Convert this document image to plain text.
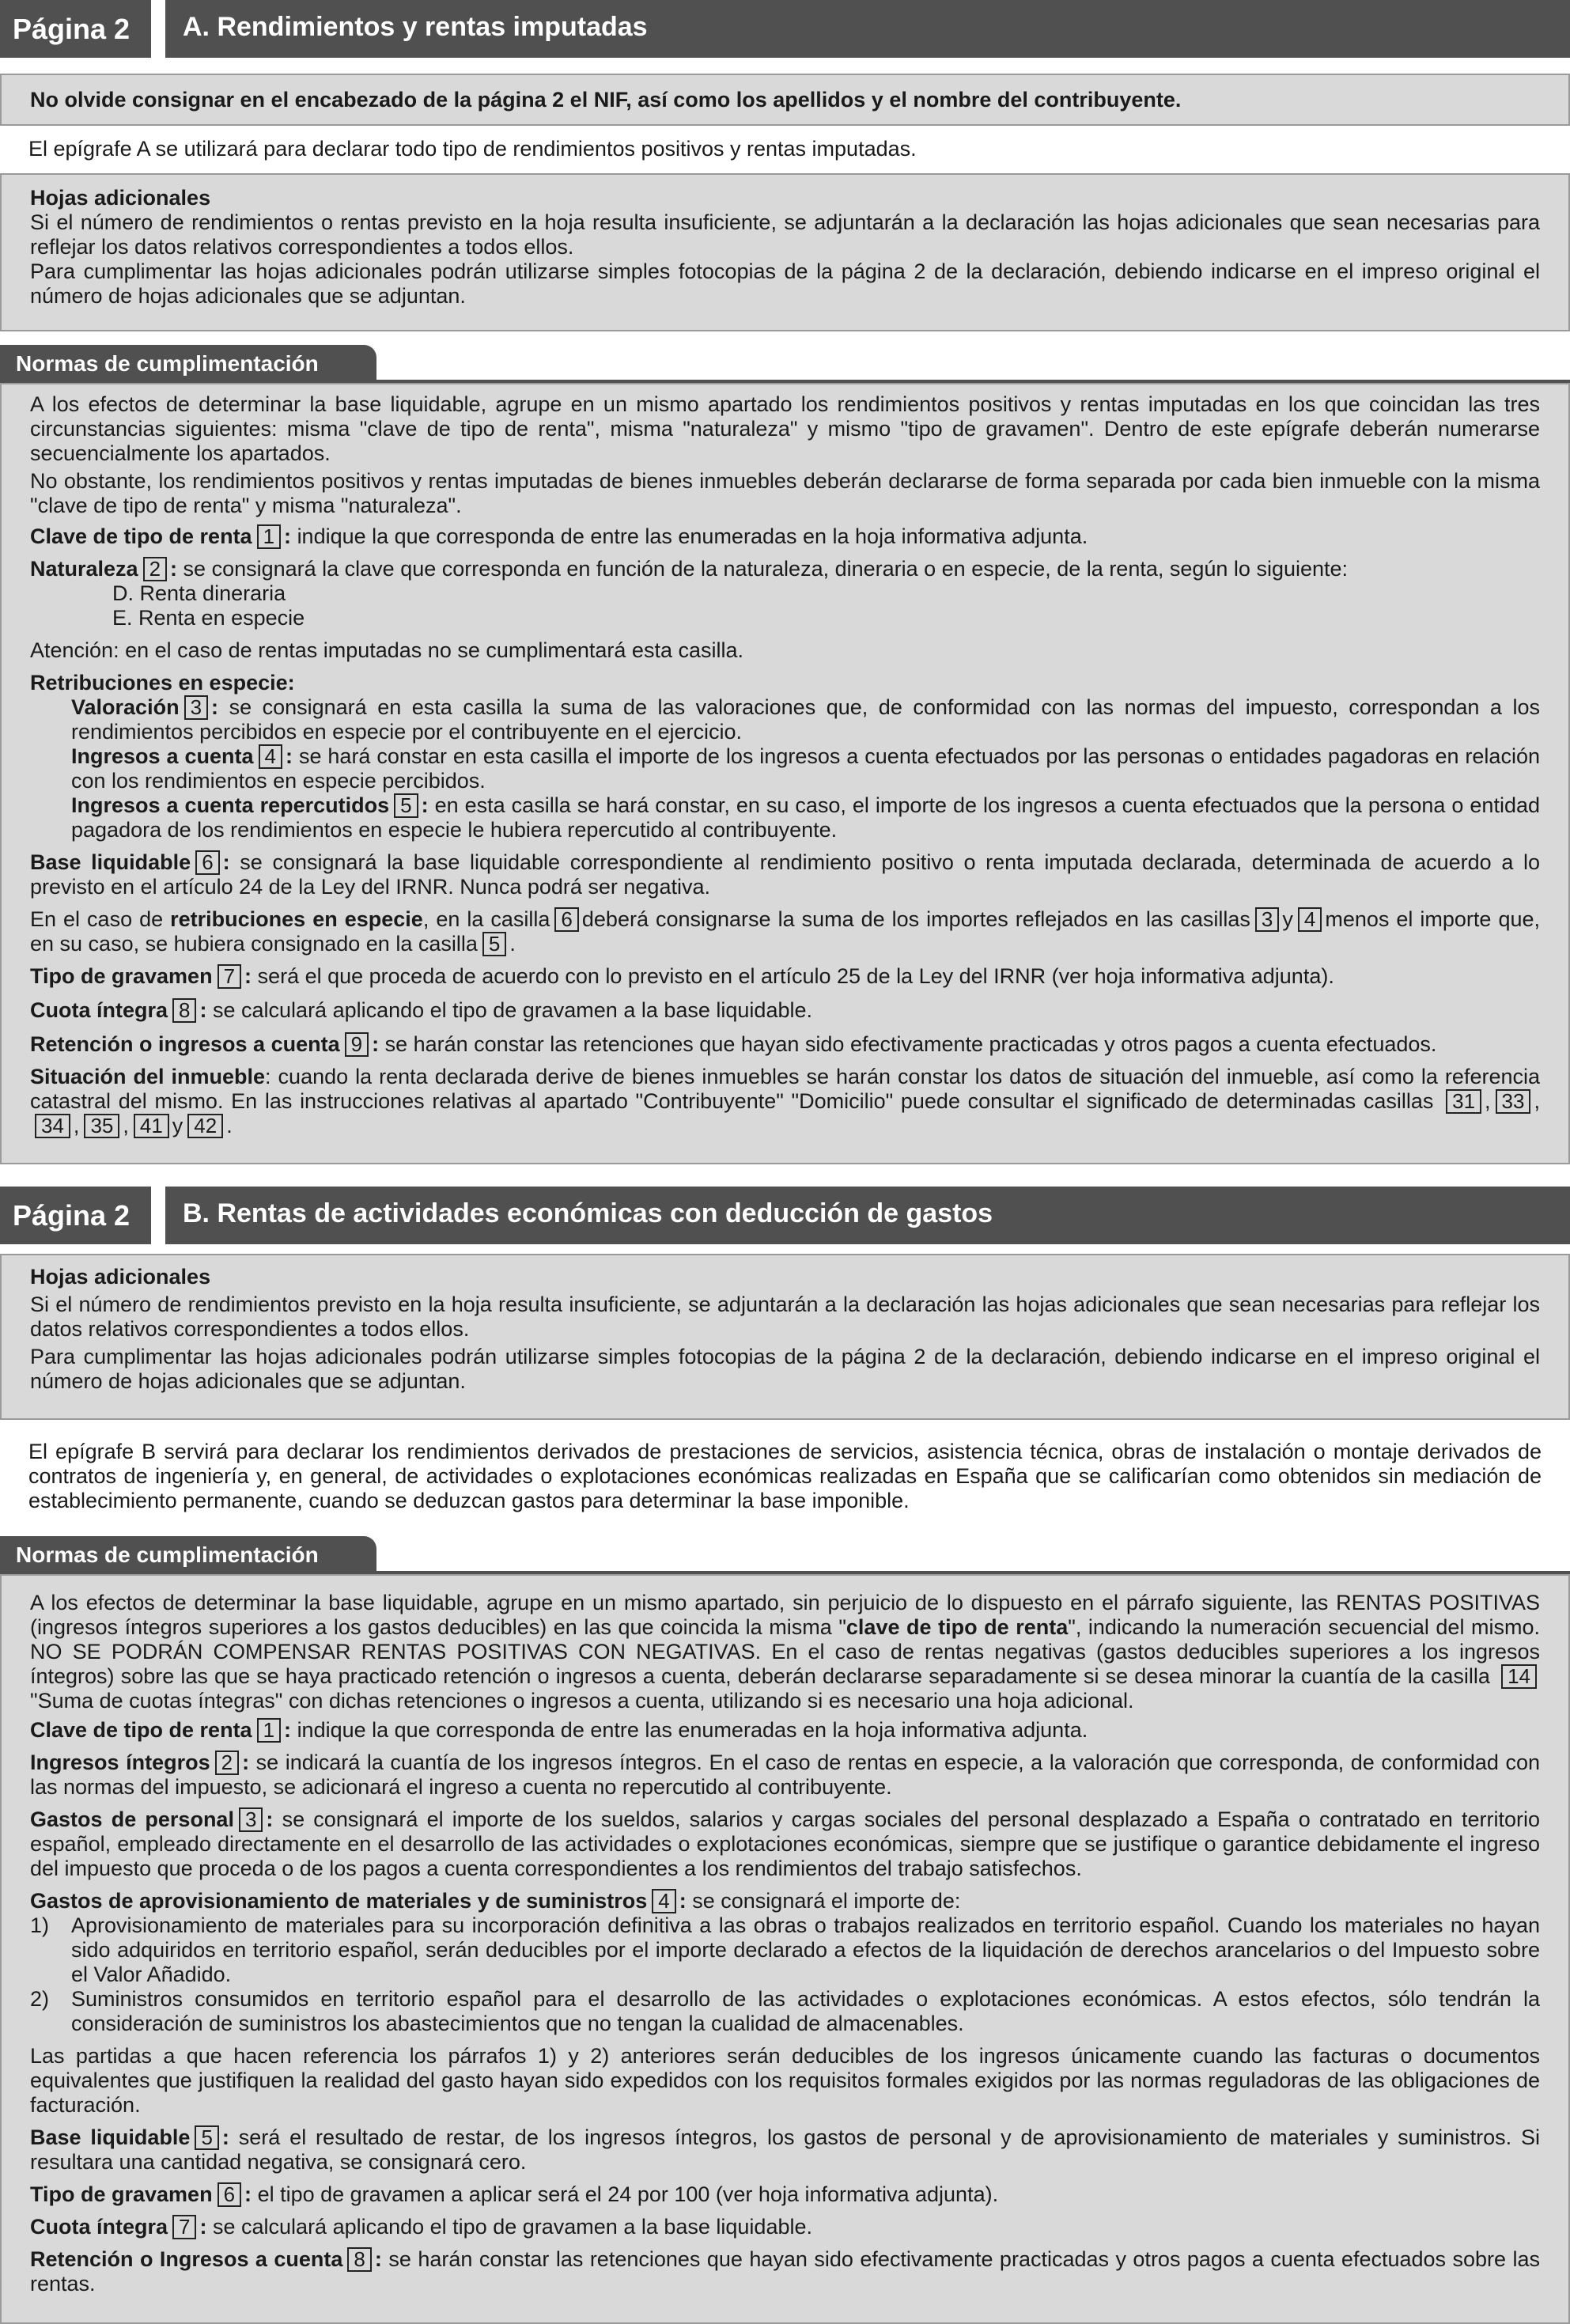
Página 2	A. Rendimientos y rentas imputadas

No olvide consignar en el encabezado de la página 2 el NIF, así como los apellidos y el nombre del contribuyente.

El epígrafe A se utilizará para declarar todo tipo de rendimientos positivos y rentas imputadas.

Hojas adicionales

Si el número de rendimientos o rentas previsto en la hoja resulta insuficiente, se adjuntarán a la declaración las hojas adicionales que sean necesarias para reflejar los datos relativos correspondientes a todos ellos.

Para cumplimentar las hojas adicionales podrán utilizarse simples fotocopias de la página 2 de la declaración, debiendo indicarse en el impreso original el número de hojas adicionales que se adjuntan.

Normas de cumplimentación

A los efectos de determinar la base liquidable, agrupe en un mismo apartado los rendimientos positivos y rentas imputadas en los que coincidan las tres circunstancias siguientes: misma "clave de tipo de renta", misma "naturaleza" y mismo "tipo de gravamen". Dentro de este epígrafe deberán numerarse secuencialmente los apartados.

No obstante, los rendimientos positivos y rentas imputadas de bienes inmuebles deberán declararse de forma separada por cada bien inmueble con la misma "clave de tipo de renta" y misma "naturaleza".

Clave de tipo de renta 1 : indique la que corresponda de entre las enumeradas en la hoja informativa adjunta.

Naturaleza 2 : se consignará la clave que corresponda en función de la naturaleza, dineraria o en especie, de la renta, según lo siguiente:

D. Renta dineraria
E. Renta en especie

Atención: en el caso de rentas imputadas no se cumplimentará esta casilla.

Retribuciones en especie:

Valoración 3 : se consignará en esta casilla la suma de las valoraciones que, de conformidad con las normas del impuesto, correspondan a los rendimientos percibidos en especie por el contribuyente en el ejercicio.

Ingresos a cuenta 4 : se hará constar en esta casilla el importe de los ingresos a cuenta efectuados por las personas o entidades pagadoras en relación con los rendimientos en especie percibidos.

Ingresos a cuenta repercutidos 5 : en esta casilla se hará constar, en su caso, el importe de los ingresos a cuenta efectuados que la persona o entidad pagadora de los rendimientos en especie le hubiera repercutido al contribuyente.

Base liquidable 6 : se consignará la base liquidable correspondiente al rendimiento positivo o renta imputada declarada, determinada de acuerdo a lo previsto en el artículo 24 de la Ley del IRNR. Nunca podrá ser negativa.

En el caso de retribuciones en especie, en la casilla 6 deberá consignarse la suma de los importes reflejados en las casillas 3 y 4 menos el importe que, en su caso, se hubiera consignado en la casilla 5 .

Tipo de gravamen 7 : será el que proceda de acuerdo con lo previsto en el artículo 25 de la Ley del IRNR (ver hoja informativa adjunta).

Cuota íntegra 8 : se calculará aplicando el tipo de gravamen a la base liquidable.

Retención o ingresos a cuenta 9 : se harán constar las retenciones que hayan sido efectivamente practicadas y otros pagos a cuenta efectuados.

Situación del inmueble: cuando la renta declarada derive de bienes inmuebles se harán constar los datos de situación del inmueble, así como la referencia catastral del mismo. En las instrucciones relativas al apartado "Contribuyente" "Domicilio" puede consultar el significado de determinadas casillas 31 , 33 ,34 , 35 , 41 y 42 .

Página 2	B. Rentas de actividades económicas con deducción de gastos
Hojas adicionales

Si el número de rendimientos previsto en la hoja resulta insuficiente, se adjuntarán a la declaración las hojas adicionales que sean necesarias para reflejar los datos relativos correspondientes a todos ellos.

Para cumplimentar las hojas adicionales podrán utilizarse simples fotocopias de la página 2 de la declaración, debiendo indicarse en el impreso original el número de hojas adicionales que se adjuntan.

El epígrafe B servirá para declarar los rendimientos derivados de prestaciones de servicios, asistencia técnica, obras de instalación o montaje derivados de contratos de ingeniería y, en general, de actividades o explotaciones económicas realizadas en España que se calificarían como obtenidos sin mediación de establecimiento permanente, cuando se deduzcan gastos para determinar la base imponible.

Normas de cumplimentación

A los efectos de determinar la base liquidable, agrupe en un mismo apartado, sin perjuicio de lo dispuesto en el párrafo siguiente, las RENTAS POSITIVAS (ingresos íntegros superiores a los gastos deducibles) en las que coincida la misma "clave de tipo de renta", indicando la numeración secuencial del mismo. NO SE PODRÁN COMPENSAR RENTAS POSITIVAS CON NEGATIVAS. En el caso de rentas negativas (gastos deducibles superiores a los ingresos íntegros) sobre las que se haya practicado retención o ingresos a cuenta, deberán declararse separadamente si se desea minorar la cuantía de la casilla 14"Suma de cuotas íntegras" con dichas retenciones o ingresos a cuenta, utilizando si es necesario una hoja adicional.

Clave de tipo de renta 1 : indique la que corresponda de entre las enumeradas en la hoja informativa adjunta.

Ingresos íntegros 2 : se indicará la cuantía de los ingresos íntegros. En el caso de rentas en especie, a la valoración que corresponda, de conformidad con las normas del impuesto, se adicionará el ingreso a cuenta no repercutido al contribuyente.

Gastos de personal 3 : se consignará el importe de los sueldos, salarios y cargas sociales del personal desplazado a España o contratado en territorio español, empleado directamente en el desarrollo de las actividades o explotaciones económicas, siempre que se justifique o garantice debidamente el ingreso del impuesto que proceda o de los pagos a cuenta correspondientes a los rendimientos del trabajo satisfechos.

Gastos de aprovisionamiento de materiales y de suministros 4 : se consignará el importe de:

1) Aprovisionamiento de materiales para su incorporación definitiva a las obras o trabajos realizados en territorio español. Cuando los materiales no hayan sido adquiridos en territorio español, serán deducibles por el importe declarado a efectos de la liquidación de derechos arancelarios o del Impuesto sobre el Valor Añadido.

2) Suministros consumidos en territorio español para el desarrollo de las actividades o explotaciones económicas. A estos efectos, sólo tendrán la consideración de suministros los abastecimientos que no tengan la cualidad de almacenables.

Las partidas a que hacen referencia los párrafos 1) y 2) anteriores serán deducibles de los ingresos únicamente cuando las facturas o documentos equivalentes que justifiquen la realidad del gasto hayan sido expedidos con los requisitos formales exigidos por las normas reguladoras de las obligaciones de facturación.

Base liquidable 5 : será el resultado de restar, de los ingresos íntegros, los gastos de personal y de aprovisionamiento de materiales y suministros. Si resultara una cantidad negativa, se consignará cero.

Tipo de gravamen 6 : el tipo de gravamen a aplicar será el 24 por 100 (ver hoja informativa adjunta).

Cuota íntegra 7 : se calculará aplicando el tipo de gravamen a la base liquidable.

Retención o Ingresos a cuenta 8 : se harán constar las retenciones que hayan sido efectivamente practicadas y otros pagos a cuenta efectuados sobre las rentas.
